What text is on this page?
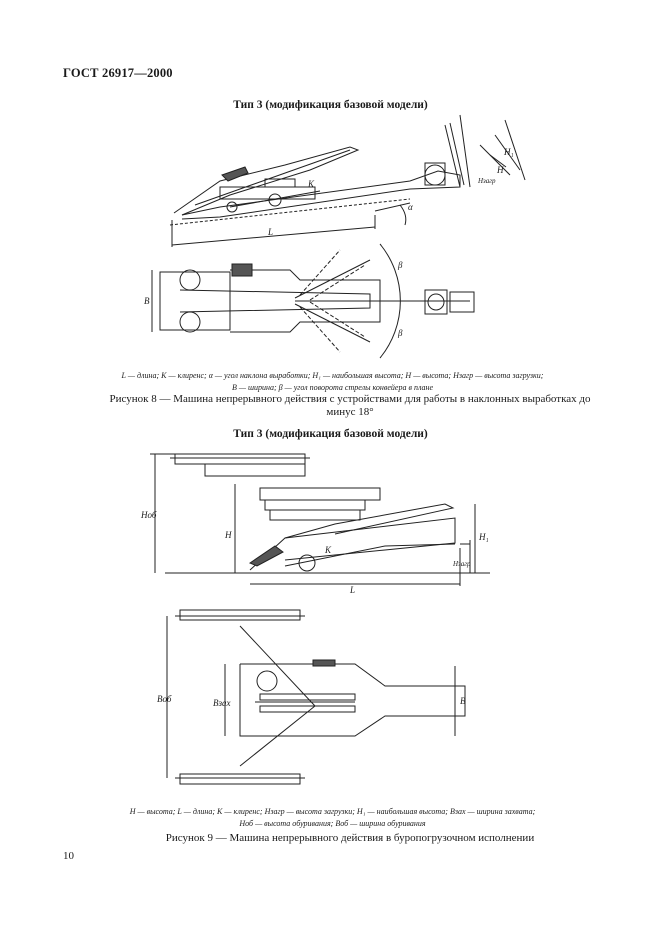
ГОСТ 26917—2000
Тип 3 (модификация базовой модели)
L
K
α
H
H₁
Hзагр
B
β
β
L — длина; K — клиренс; α — угол наклона выработки; H₁ — наибольшая высота; H — высота; Hзагр — высота загрузки;
B — ширина; β — угол поворота стрелы конвейера в плане
Рисунок 8 — Машина непрерывного действия с устройствами для работы в наклонных выработках до
минус 18°
Тип 3 (модификация базовой модели)
Hоб
H	H₁
Hзагр
K
L
Bоб	Bзах	B
H — высота; L — длина; K — клиренс; Hзагр — высота загрузки; H₁ — наибольшая высота; Bзах — ширина захвата;
Hоб — высота обуривания; Bоб — ширина обуривания
Рисунок 9 — Машина непрерывного действия в буропогрузочном исполнении
10
